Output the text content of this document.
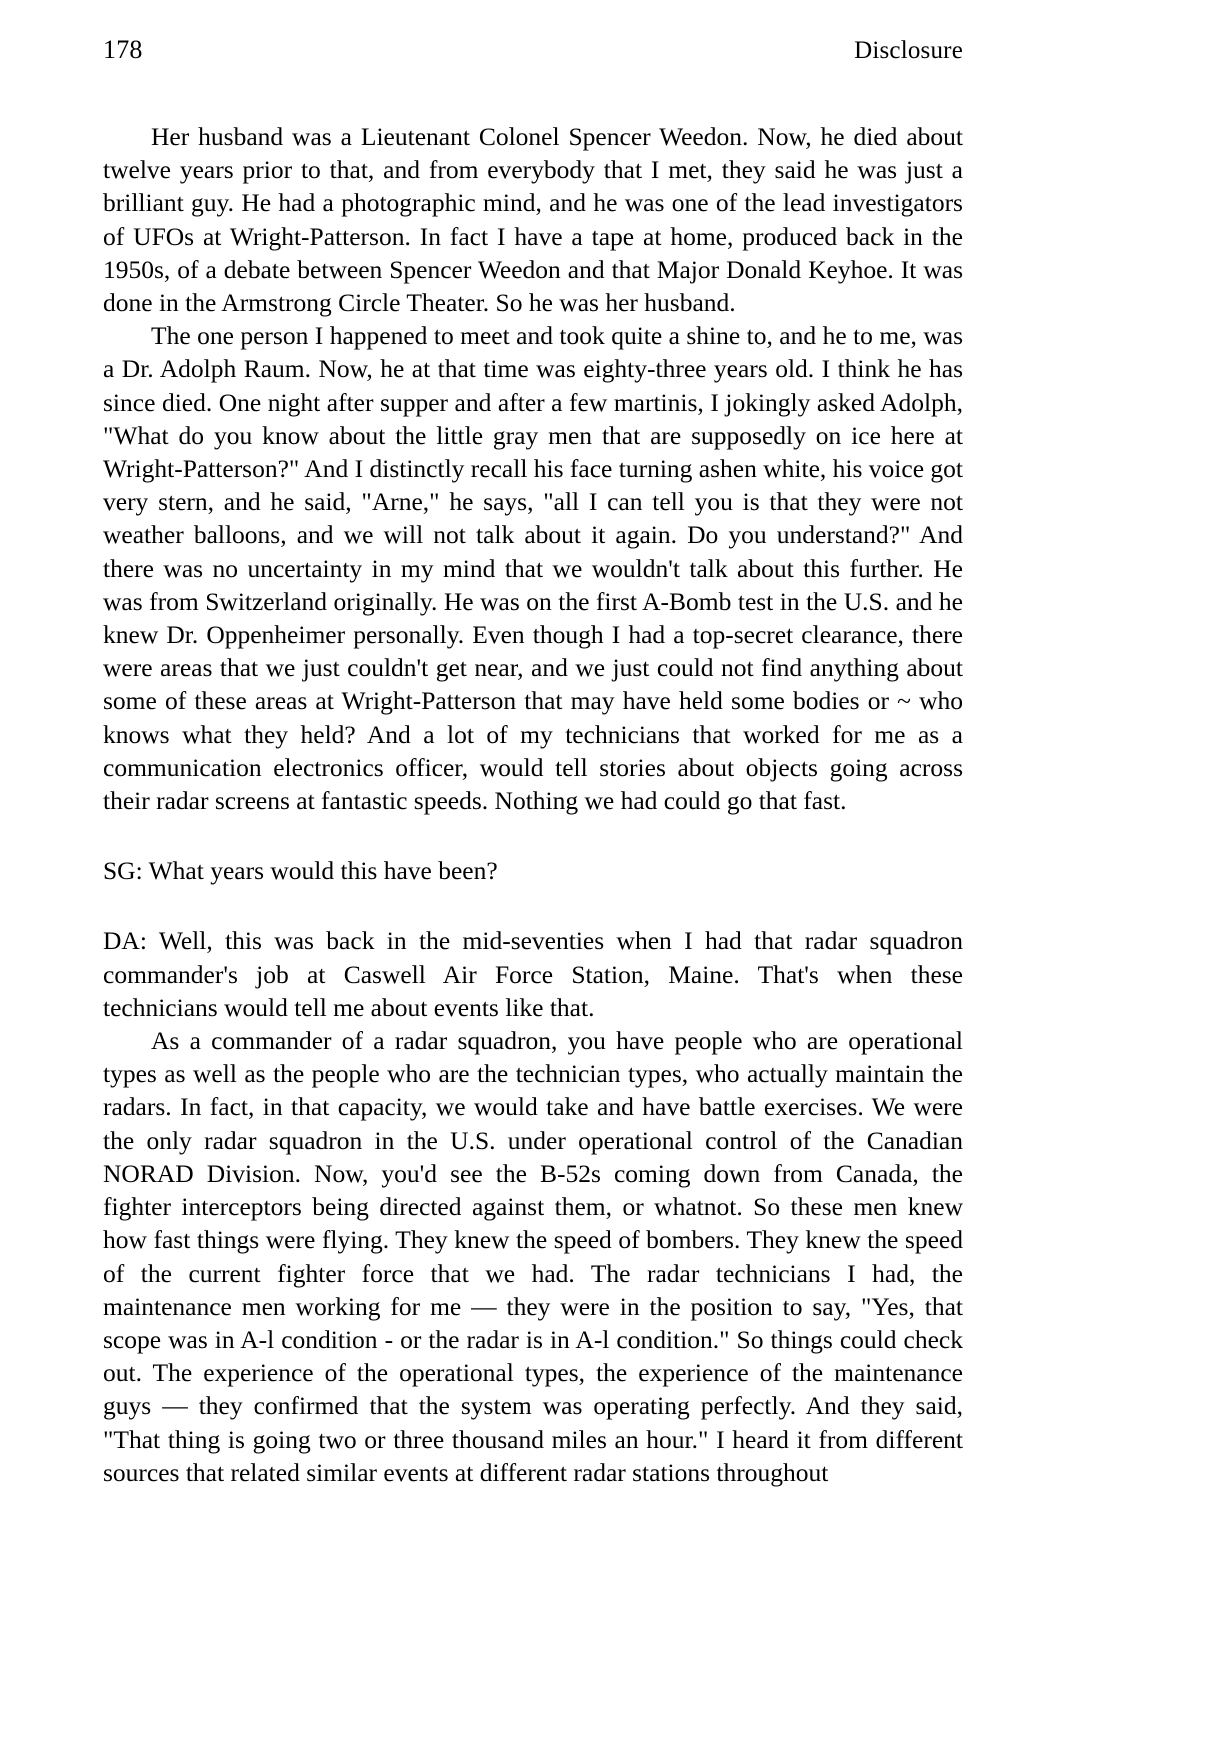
178	Disclosure

Her husband was a Lieutenant Colonel Spencer Weedon. Now, he died about twelve years prior to that, and from everybody that I met, they said he was just a brilliant guy. He had a photographic mind, and he was one of the lead investigators of UFOs at Wright-Patterson. In fact I have a tape at home, produced back in the 1950s, of a debate between Spencer Weedon and that Major Donald Keyhoe. It was done in the Armstrong Circle Theater. So he was her husband.

The one person I happened to meet and took quite a shine to, and he to me, was a Dr. Adolph Raum. Now, he at that time was eighty-three years old. I think he has since died. One night after supper and after a few martinis, I jokingly asked Adolph, "What do you know about the little gray men that are supposedly on ice here at Wright-Patterson?" And I distinctly recall his face turning ashen white, his voice got very stern, and he said, "Arne," he says, "all I can tell you is that they were not weather balloons, and we will not talk about it again. Do you understand?" And there was no uncertainty in my mind that we wouldn't talk about this further. He was from Switzerland originally. He was on the first A-Bomb test in the U.S. and he knew Dr. Oppenheimer personally. Even though I had a top-secret clearance, there were areas that we just couldn't get near, and we just could not find anything about some of these areas at Wright-Patterson that may have held some bodies or ~ who knows what they held? And a lot of my technicians that worked for me as a communication electronics officer, would tell stories about objects going across their radar screens at fantastic speeds. Nothing we had could go that fast.

SG: What years would this have been?

DA: Well, this was back in the mid-seventies when I had that radar squadron commander's job at Caswell Air Force Station, Maine. That's when these technicians would tell me about events like that.

As a commander of a radar squadron, you have people who are operational types as well as the people who are the technician types, who actually maintain the radars. In fact, in that capacity, we would take and have battle exercises. We were the only radar squadron in the U.S. under operational control of the Canadian NORAD Division. Now, you'd see the B-52s coming down from Canada, the fighter interceptors being directed against them, or whatnot. So these men knew how fast things were flying. They knew the speed of bombers. They knew the speed of the current fighter force that we had. The radar technicians I had, the maintenance men working for me — they were in the position to say, "Yes, that scope was in A-l condition - or the radar is in A-l condition." So things could check out. The experience of the operational types, the experience of the maintenance guys — they confirmed that the system was operating perfectly. And they said, "That thing is going two or three thousand miles an hour." I heard it from different sources that related similar events at different radar stations throughout
